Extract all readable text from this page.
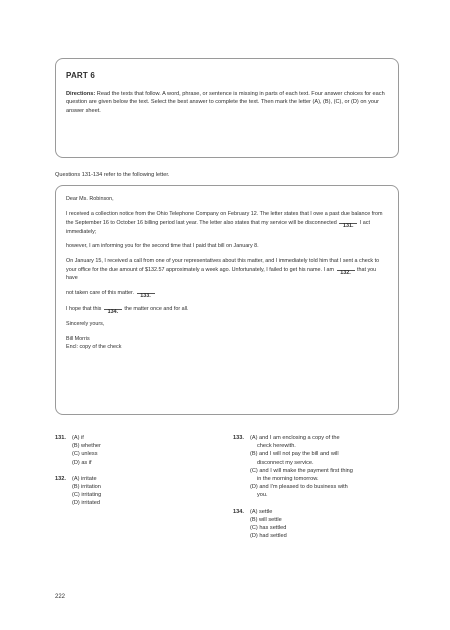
PART 6

Directions: Read the texts that follow. A word, phrase, or sentence is missing in parts of each text. Four answer choices for each question are given below the text. Select the best answer to complete the text. Then mark the letter (A), (B), (C), or (D) on your answer sheet.

Questions 131-134 refer to the following letter.

Dear Ms. Robinson,

I received a collection notice from the Ohio Telephone Company on February 12. The letter states that I owe a past due balance from the September 16 to October 16 billing period last year. The letter also states that my service will be disconnected 131. I act immediately;

however, I am informing you for the second time that I paid that bill on January 8.

On January 15, I received a call from one of your representatives about this matter, and I immediately told him that I sent a check to your office for the due amount of $132.57 approximately a week ago. Unfortunately, I failed to get his name. I am 132. that you have

not taken care of this matter. 133.

I hope that this 134. the matter once and for all.

Sincerely yours,

Bill Morris

Encl: copy of the check

131. (A) if
(B) whether
(C) unless
(D) as if
132. (A) irritate
(B) irritation
(C) irritating
(D) irritated
133. (A) and I am enclosing a copy of the
check herewith.
(B) and I will not pay the bill and will
disconnect my service.
(C) and I will make the payment first thing
in the morning tomorrow.
(D) and I'm pleased to do business with
you.
134. (A) settle
(B) will settle
(C) has settled
(D) had settled
222
